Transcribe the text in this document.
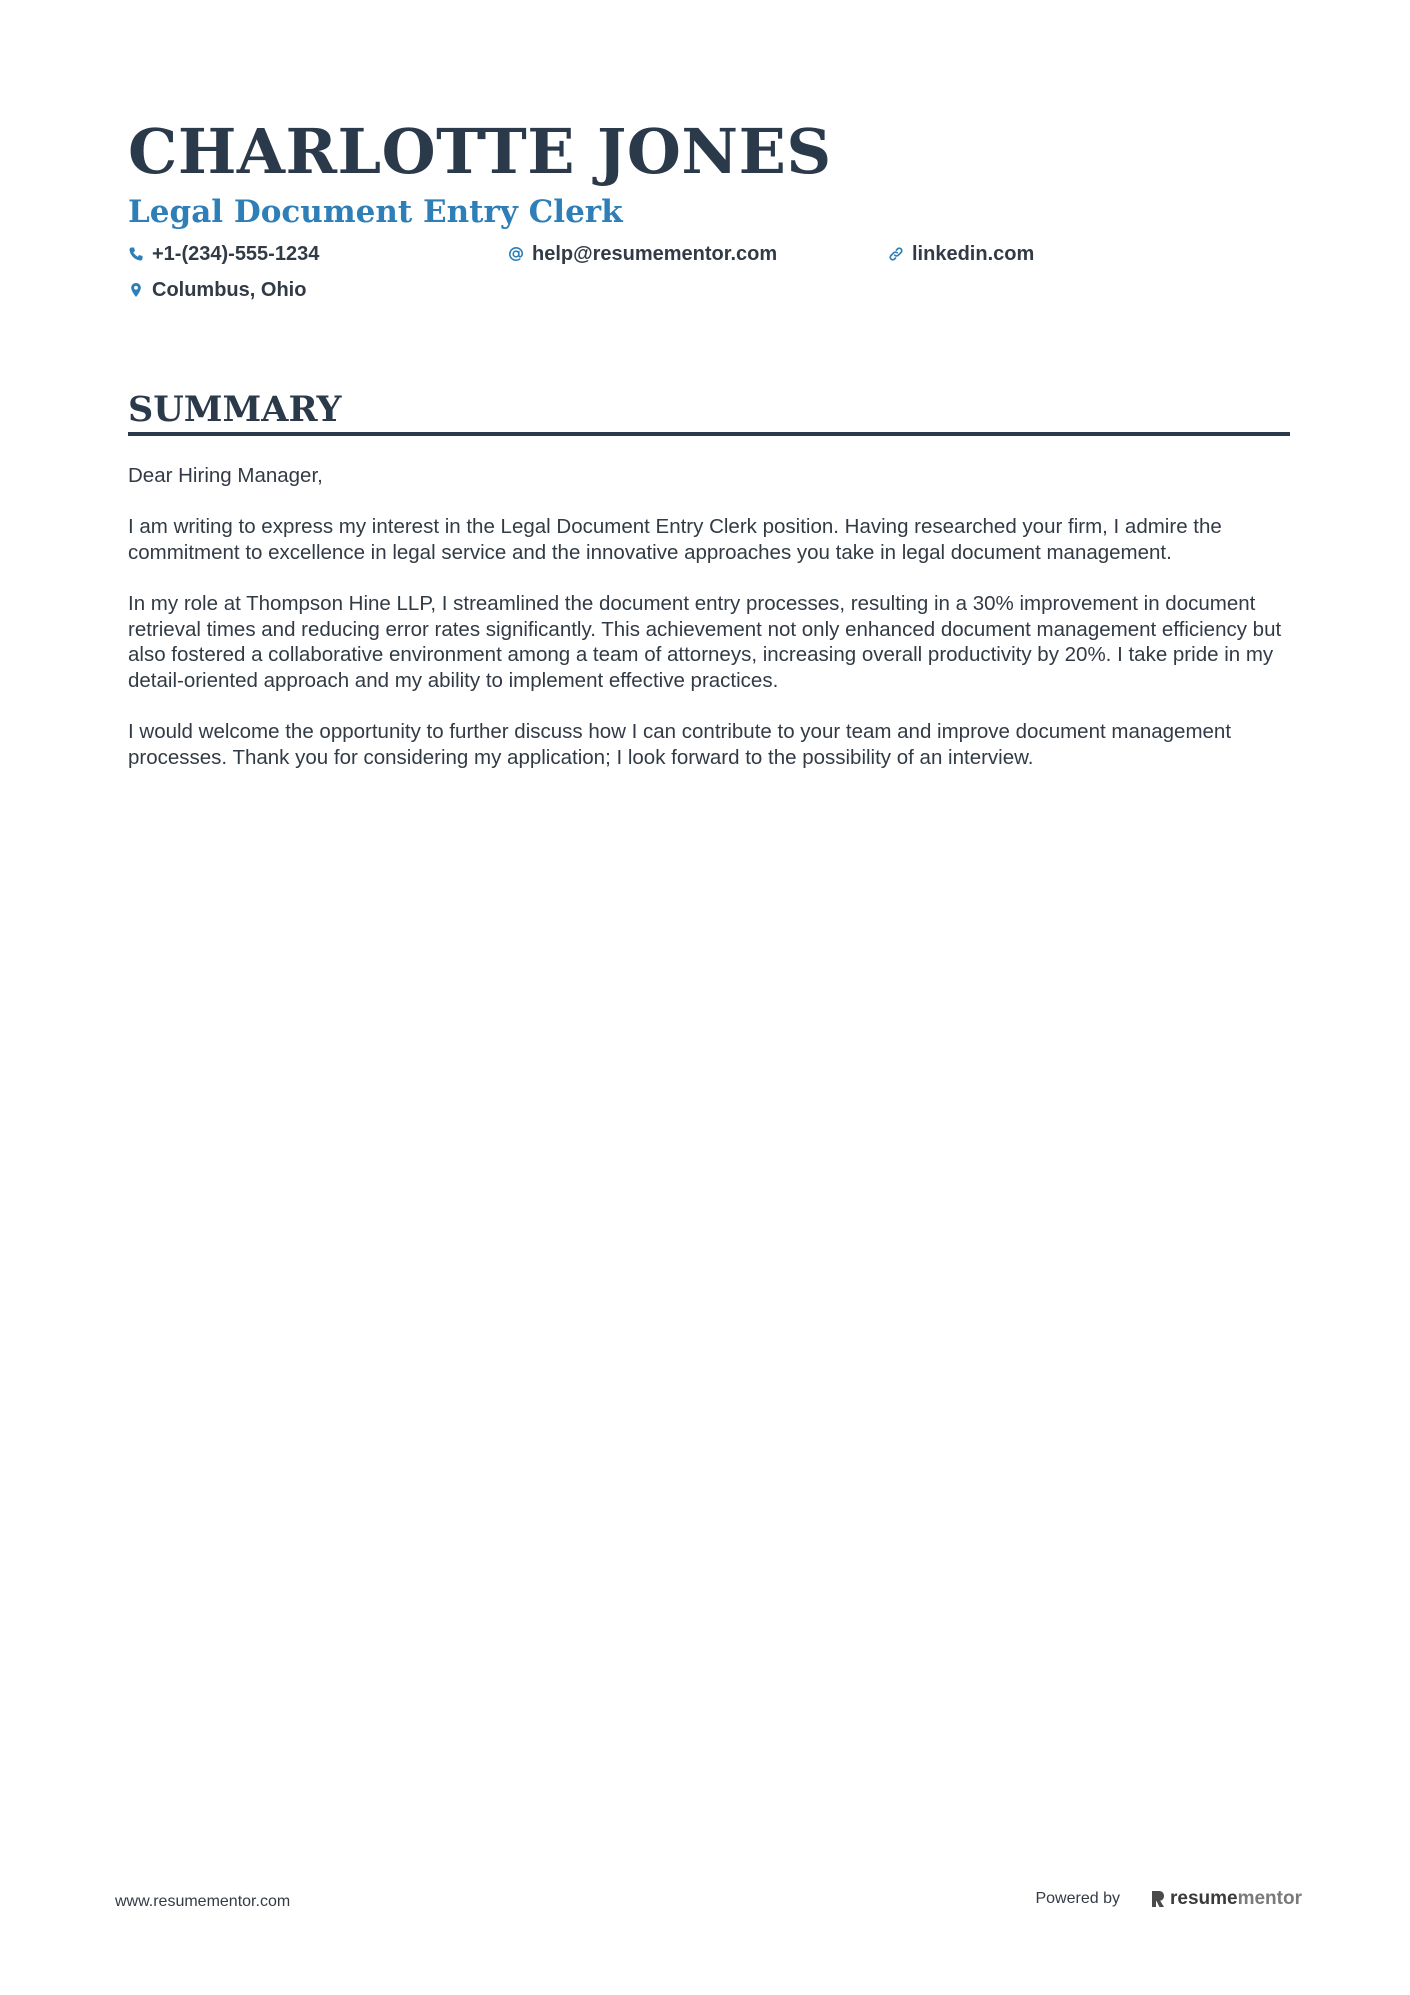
CHARLOTTE JONES
Legal Document Entry Clerk
+1-(234)-555-1234	help@resumementor.com	linkedin.com
Columbus, Ohio
SUMMARY

Dear Hiring Manager,

I am writing to express my interest in the Legal Document Entry Clerk position. Having researched your firm, I admire the commitment to excellence in legal service and the innovative approaches you take in legal document management.

In my role at Thompson Hine LLP, I streamlined the document entry processes, resulting in a 30% improvement in document retrieval times and reducing error rates significantly. This achievement not only enhanced document management efficiency but also fostered a collaborative environment among a team of attorneys, increasing overall productivity by 20%. I take pride in my detail-oriented approach and my ability to implement effective practices.

I would welcome the opportunity to further discuss how I can contribute to your team and improve document management processes. Thank you for considering my application; I look forward to the possibility of an interview.

www.resumementor.com	Powered by	resume mentor
